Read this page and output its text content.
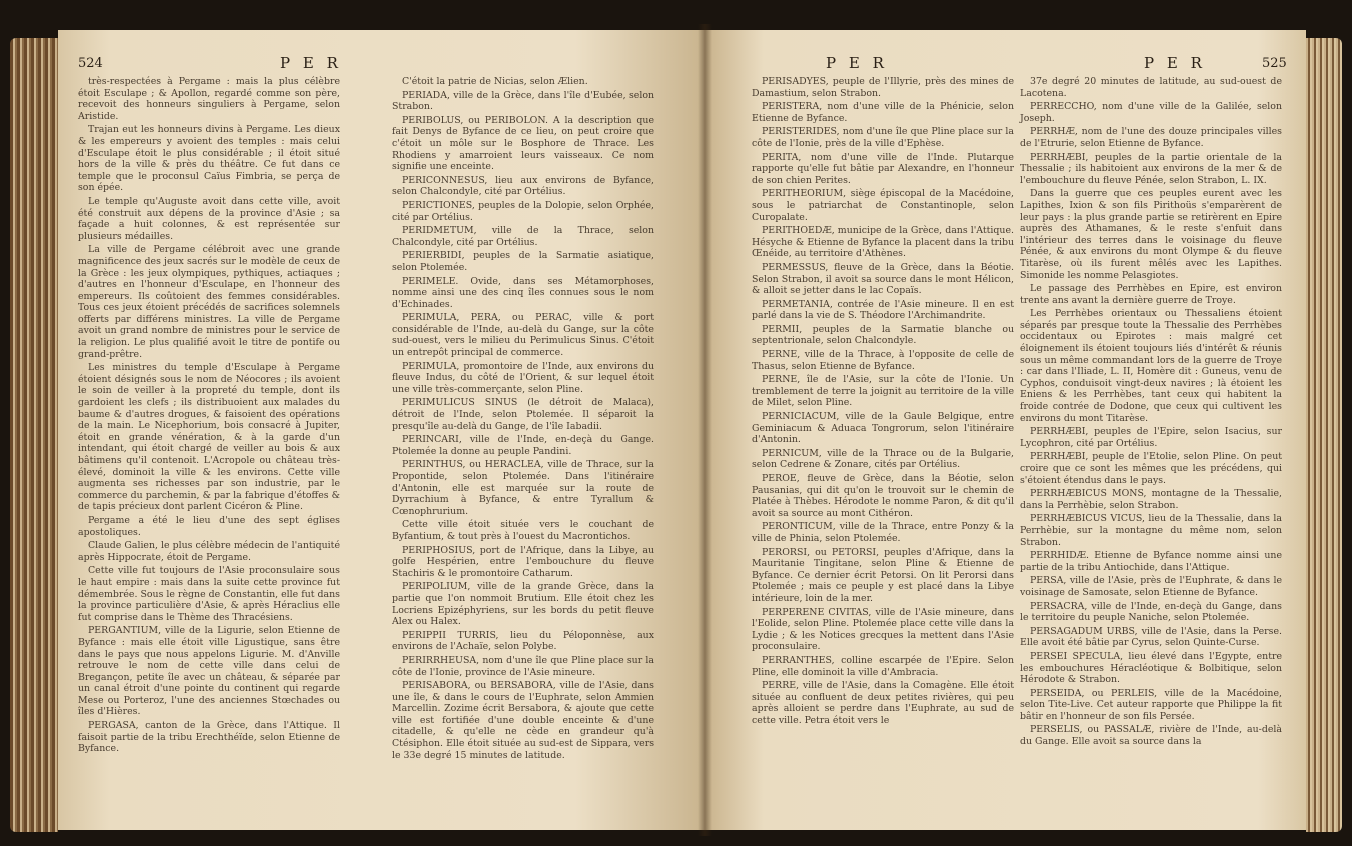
524	P E R

très-respectées à Pergame : mais la plus célèbre étoit Esculape ; & Apollon, regardé comme son père, recevoit des honneurs singuliers à Pergame, selon Aristide.

Trajan eut les honneurs divins à Pergame. Les dieux & les empereurs y avoient des temples : mais celui d'Esculape étoit le plus considérable ; il étoit situé hors de la ville & près du théâtre. Ce fut dans ce temple que le proconsul Caïus Fimbria, se perça de son épée.

Le temple qu'Auguste avoit dans cette ville, avoit été construit aux dépens de la province d'Asie ; sa façade a huit colonnes, & est représentée sur plusieurs médailles.

La ville de Pergame célébroit avec une grande magnificence des jeux sacrés sur le modèle de ceux de la Grèce : les jeux olympiques, pythiques, actiaques ; d'autres en l'honneur d'Esculape, en l'honneur des empereurs. Ils coûtoient des femmes considérables. Tous ces jeux étoient précédés de sacrifices solemnels offerts par différens ministres. La ville de Pergame avoit un grand nombre de ministres pour le service de la religion. Le plus qualifié avoit le titre de pontife ou grand-prêtre.

Les ministres du temple d'Esculape à Pergame étoient désignés sous le nom de Néocores ; ils avoient le soin de veiller à la propreté du temple, dont ils gardoient les clefs ; ils distribuoient aux malades du baume & d'autres drogues, & faisoient des opérations de la main. Le Nicephorium, bois consacré à Jupiter, étoit en grande vénération, & à la garde d'un intendant, qui étoit chargé de veiller au bois & aux bâtimens qu'il contenoit. L'Acropole ou château très-élevé, dominoit la ville & les environs. Cette ville augmenta ses richesses par son industrie, par le commerce du parchemin, & par la fabrique d'étoffes & de tapis précieux dont parlent Cicéron & Pline.

Pergame a été le lieu d'une des sept églises apostoliques.

Claude Galien, le plus célèbre médecin de l'antiquité après Hippocrate, étoit de Pergame.

Cette ville fut toujours de l'Asie proconsulaire sous le haut empire : mais dans la suite cette province fut démembrée. Sous le règne de Constantin, elle fut dans la province particulière d'Asie, & après Héraclius elle fut comprise dans le Thème des Thracésiens.

PERGANTIUM, ville de la Ligurie, selon Etienne de Byfance : mais elle étoit ville Ligustique, sans être dans le pays que nous appelons Ligurie. M. d'Anville retrouve le nom de cette ville dans celui de Bregançon, petite île avec un château, & séparée par un canal étroit d'une pointe du continent qui regarde Mese ou Porteroz, l'une des anciennes Stœchades ou îles d'Hières.

PERGASA, canton de la Grèce, dans l'Attique. Il faisoit partie de la tribu Erechthéïde, selon Etienne de Byfance.

C'étoit la patrie de Nicias, selon Ælien.

PERIADA, ville de la Grèce, dans l'île d'Eubée, selon Strabon.

PERIBOLUS, ou PERIBOLON. A la description que fait Denys de Byfance de ce lieu, on peut croire que c'étoit un môle sur le Bosphore de Thrace. Les Rhodiens y amarroient leurs vaisseaux. Ce nom signifie une enceinte.

PERICONNESUS, lieu aux environs de Byfance, selon Chalcondyle, cité par Ortélius.

PERICTIONES, peuples de la Dolopie, selon Orphée, cité par Ortélius.

PERIDMETUM, ville de la Thrace, selon Chalcondyle, cité par Ortélius.

PERIERBIDI, peuples de la Sarmatie asiatique, selon Ptolemée.

PERIMELE. Ovide, dans ses Métamorphoses, nomme ainsi une des cinq îles connues sous le nom d'Echinades.

PERIMULA, PERA, ou PERAC, ville & port considérable de l'Inde, au-delà du Gange, sur la côte sud-ouest, vers le milieu du Perimulicus Sinus. C'étoit un entrepôt principal de commerce.

PERIMULA, promontoire de l'Inde, aux environs du fleuve Indus, du côté de l'Orient, & sur lequel étoit une ville très-commerçante, selon Pline.

PERIMULICUS SINUS (le détroit de Malaca), détroit de l'Inde, selon Ptolemée. Il séparoit la presqu'île au-delà du Gange, de l'île Iabadii.

PERINCARI, ville de l'Inde, en-deçà du Gange. Ptolemée la donne au peuple Pandini.

PERINTHUS, ou HERACLEA, ville de Thrace, sur la Propontide, selon Ptolemée. Dans l'itinéraire d'Antonin, elle est marquée sur la route de Dyrrachium à Byfance, & entre Tyrallum & Cœnophrurium.

Cette ville étoit située vers le couchant de Byfantium, & tout près à l'ouest du Macrontichos.

PERIPHOSIUS, port de l'Afrique, dans la Libye, au golfe Hespérien, entre l'embouchure du fleuve Stachiris & le promontoire Catharum.

PERIPOLIUM, ville de la grande Grèce, dans la partie que l'on nommoit Brutium. Elle étoit chez les Locriens Epizéphyriens, sur les bords du petit fleuve Alex ou Halex.

PERIPPII TURRIS, lieu du Péloponnèse, aux environs de l'Achaïe, selon Polybe.

PERIRRHEUSA, nom d'une île que Pline place sur la côte de l'Ionie, province de l'Asie mineure.

PERISABORA, ou BERSABORA, ville de l'Asie, dans une île, & dans le cours de l'Euphrate, selon Ammien Marcellin. Zozime écrit Bersabora, & ajoute que cette ville est fortifiée d'une double enceinte & d'une citadelle, & qu'elle ne cède en grandeur qu'à Ctésiphon. Elle étoit située au sud-est de Sippara, vers le 33e degré 15 minutes de latitude.

P E R	P E R	525

PERISADYES, peuple de l'Illyrie, près des mines de Damastium, selon Strabon.

PERISTERA, nom d'une ville de la Phénicie, selon Etienne de Byfance.

PERISTERIDES, nom d'une île que Pline place sur la côte de l'Ionie, près de la ville d'Ephèse.

PERITA, nom d'une ville de l'Inde. Plutarque rapporte qu'elle fut bâtie par Alexandre, en l'honneur de son chien Perites.

PERITHEORIUM, siège épiscopal de la Macédoine, sous le patriarchat de Constantinople, selon Curopalate.

PERITHOEDÆ, municipe de la Grèce, dans l'Attique. Hésyche & Etienne de Byfance la placent dans la tribu Œnéide, au territoire d'Athènes.

PERMESSUS, fleuve de la Grèce, dans la Béotie. Selon Strabon, il avoit sa source dans le mont Hélicon, & alloit se jetter dans le lac Copaïs.

PERMETANIA, contrée de l'Asie mineure. Il en est parlé dans la vie de S. Théodore l'Archimandrite.

PERMII, peuples de la Sarmatie blanche ou septentrionale, selon Chalcondyle.

PERNE, ville de la Thrace, à l'opposite de celle de Thasus, selon Etienne de Byfance.

PERNE, île de l'Asie, sur la côte de l'Ionie. Un tremblement de terre la joignit au territoire de la ville de Milet, selon Pline.

PERNICIACUM, ville de la Gaule Belgique, entre Geminiacum & Aduaca Tongrorum, selon l'itinéraire d'Antonin.

PERNICUM, ville de la Thrace ou de la Bulgarie, selon Cedrene & Zonare, cités par Ortélius.

PEROE, fleuve de Grèce, dans la Béotie, selon Pausanias, qui dit qu'on le trouvoit sur le chemin de Platée à Thèbes. Hérodote le nomme Paron, & dit qu'il avoit sa source au mont Cithéron.

PERONTICUM, ville de la Thrace, entre Ponzy & la ville de Phinia, selon Ptolemée.

PERORSI, ou PETORSI, peuples d'Afrique, dans la Mauritanie Tingitane, selon Pline & Etienne de Byfance. Ce dernier écrit Petorsi. On lit Perorsi dans Ptolemée ; mais ce peuple y est placé dans la Libye intérieure, loin de la mer.

PERPERENE CIVITAS, ville de l'Asie mineure, dans l'Eolide, selon Pline. Ptolemée place cette ville dans la Lydie ; & les Notices grecques la mettent dans l'Asie proconsulaire.

PERRANTHES, colline escarpée de l'Epire. Selon Pline, elle dominoit la ville d'Ambracia.

PERRE, ville de l'Asie, dans la Comagène. Elle étoit située au confluent de deux petites rivières, qui peu après alloient se perdre dans l'Euphrate, au sud de cette ville. Petra étoit vers le

37e degré 20 minutes de latitude, au sud-ouest de Lacotena.

PERRECCHO, nom d'une ville de la Galilée, selon Joseph.

PERRHÆ, nom de l'une des douze principales villes de l'Etrurie, selon Etienne de Byfance.

PERRHÆBI, peuples de la partie orientale de la Thessalie ; ils habitoient aux environs de la mer & de l'embouchure du fleuve Pénée, selon Strabon, L. IX.

Dans la guerre que ces peuples eurent avec les Lapithes, Ixion & son fils Pirithoüs s'emparèrent de leur pays : la plus grande partie se retirèrent en Epire auprès des Athamanes, & le reste s'enfuit dans l'intérieur des terres dans le voisinage du fleuve Pénée, & aux environs du mont Olympe & du fleuve Titarèse, où ils furent mêlés avec les Lapithes. Simonide les nomme Pelasgiotes.

Le passage des Perrhèbes en Epire, est environ trente ans avant la dernière guerre de Troye.

Les Perrhèbes orientaux ou Thessaliens étoient séparés par presque toute la Thessalie des Perrhèbes occidentaux ou Epirotes : mais malgré cet éloignement ils étoient toujours liés d'intérêt & réunis sous un même commandant lors de la guerre de Troye : car dans l'Iliade, L. II, Homère dit : Guneus, venu de Cyphos, conduisoit vingt-deux navires ; là étoient les Eniens & les Perrhèbes, tant ceux qui habitent la froide contrée de Dodone, que ceux qui cultivent les environs du mont Titarèse.

PERRHÆBI, peuples de l'Epire, selon Isacius, sur Lycophron, cité par Ortélius.

PERRHÆBI, peuple de l'Etolie, selon Pline. On peut croire que ce sont les mêmes que les précédens, qui s'étoient étendus dans le pays.

PERRHÆBICUS MONS, montagne de la Thessalie, dans la Perrhèbie, selon Strabon.

PERRHÆBICUS VICUS, lieu de la Thessalie, dans la Perrhèbie, sur la montagne du même nom, selon Strabon.

PERRHIDÆ. Etienne de Byfance nomme ainsi une partie de la tribu Antiochide, dans l'Attique.

PERSA, ville de l'Asie, près de l'Euphrate, & dans le voisinage de Samosate, selon Etienne de Byfance.

PERSACRA, ville de l'Inde, en-deçà du Gange, dans le territoire du peuple Naniche, selon Ptolemée.

PERSAGADUM URBS, ville de l'Asie, dans la Perse. Elle avoit été bâtie par Cyrus, selon Quinte-Curse.

PERSEI SPECULA, lieu élevé dans l'Egypte, entre les embouchures Héracléotique & Bolbitique, selon Hérodote & Strabon.

PERSEIDA, ou PERLEIS, ville de la Macédoine, selon Tite-Live. Cet auteur rapporte que Philippe la fit bâtir en l'honneur de son fils Persée.

PERSELIS, ou PASSALÆ, rivière de l'Inde, au-delà du Gange. Elle avoit sa source dans la
